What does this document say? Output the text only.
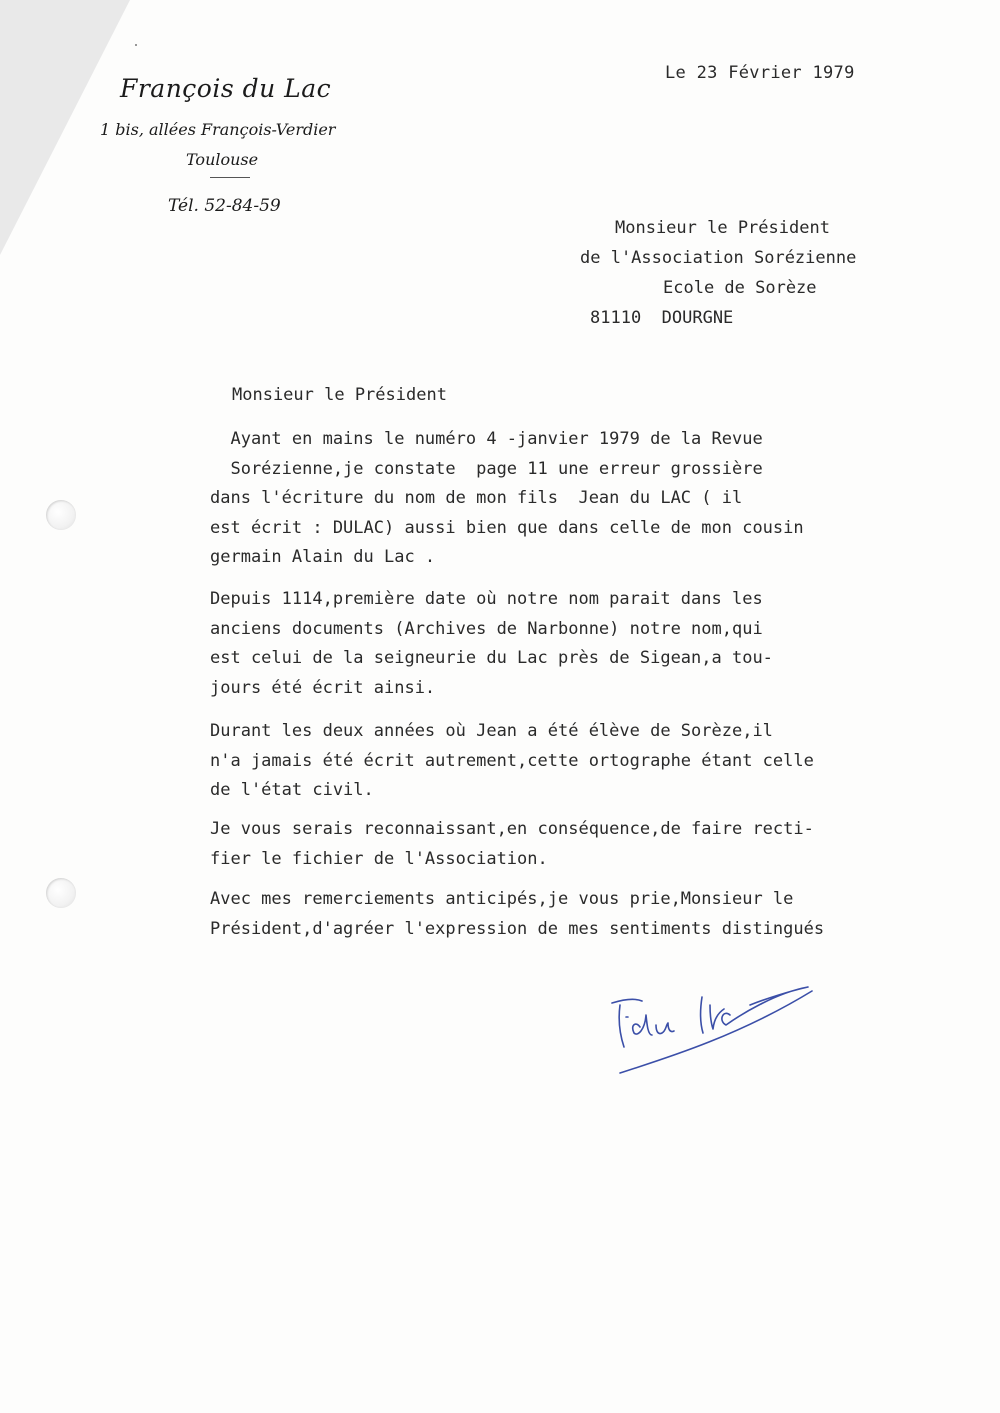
François du Lac
1 bis, allées François-Verdier
Toulouse
Tél. 52-84-59
Le 23 Février 1979
Monsieur le Président
de l'Association Sorézienne
Ecole de Sorèze
81110  DOURGNE
Monsieur le Président
Ayant en mains le numéro 4 -janvier 1979 de la Revue
Sorézienne,je constate  page 11 une erreur grossière
dans l'écriture du nom de mon fils  Jean du LAC ( il
est écrit : DULAC) aussi bien que dans celle de mon cousin
germain Alain du Lac .
Depuis 1114,première date où notre nom parait dans les
anciens documents (Archives de Narbonne) notre nom,qui
est celui de la seigneurie du Lac près de Sigean,a tou-
jours été écrit ainsi.
Durant les deux années où Jean a été élève de Sorèze,il
n'a jamais été écrit autrement,cette ortographe étant celle
de l'état civil.
Je vous serais reconnaissant,en conséquence,de faire recti-
fier le fichier de l'Association.
Avec mes remerciements anticipés,je vous prie,Monsieur le
Président,d'agréer l'expression de mes sentiments distingués
